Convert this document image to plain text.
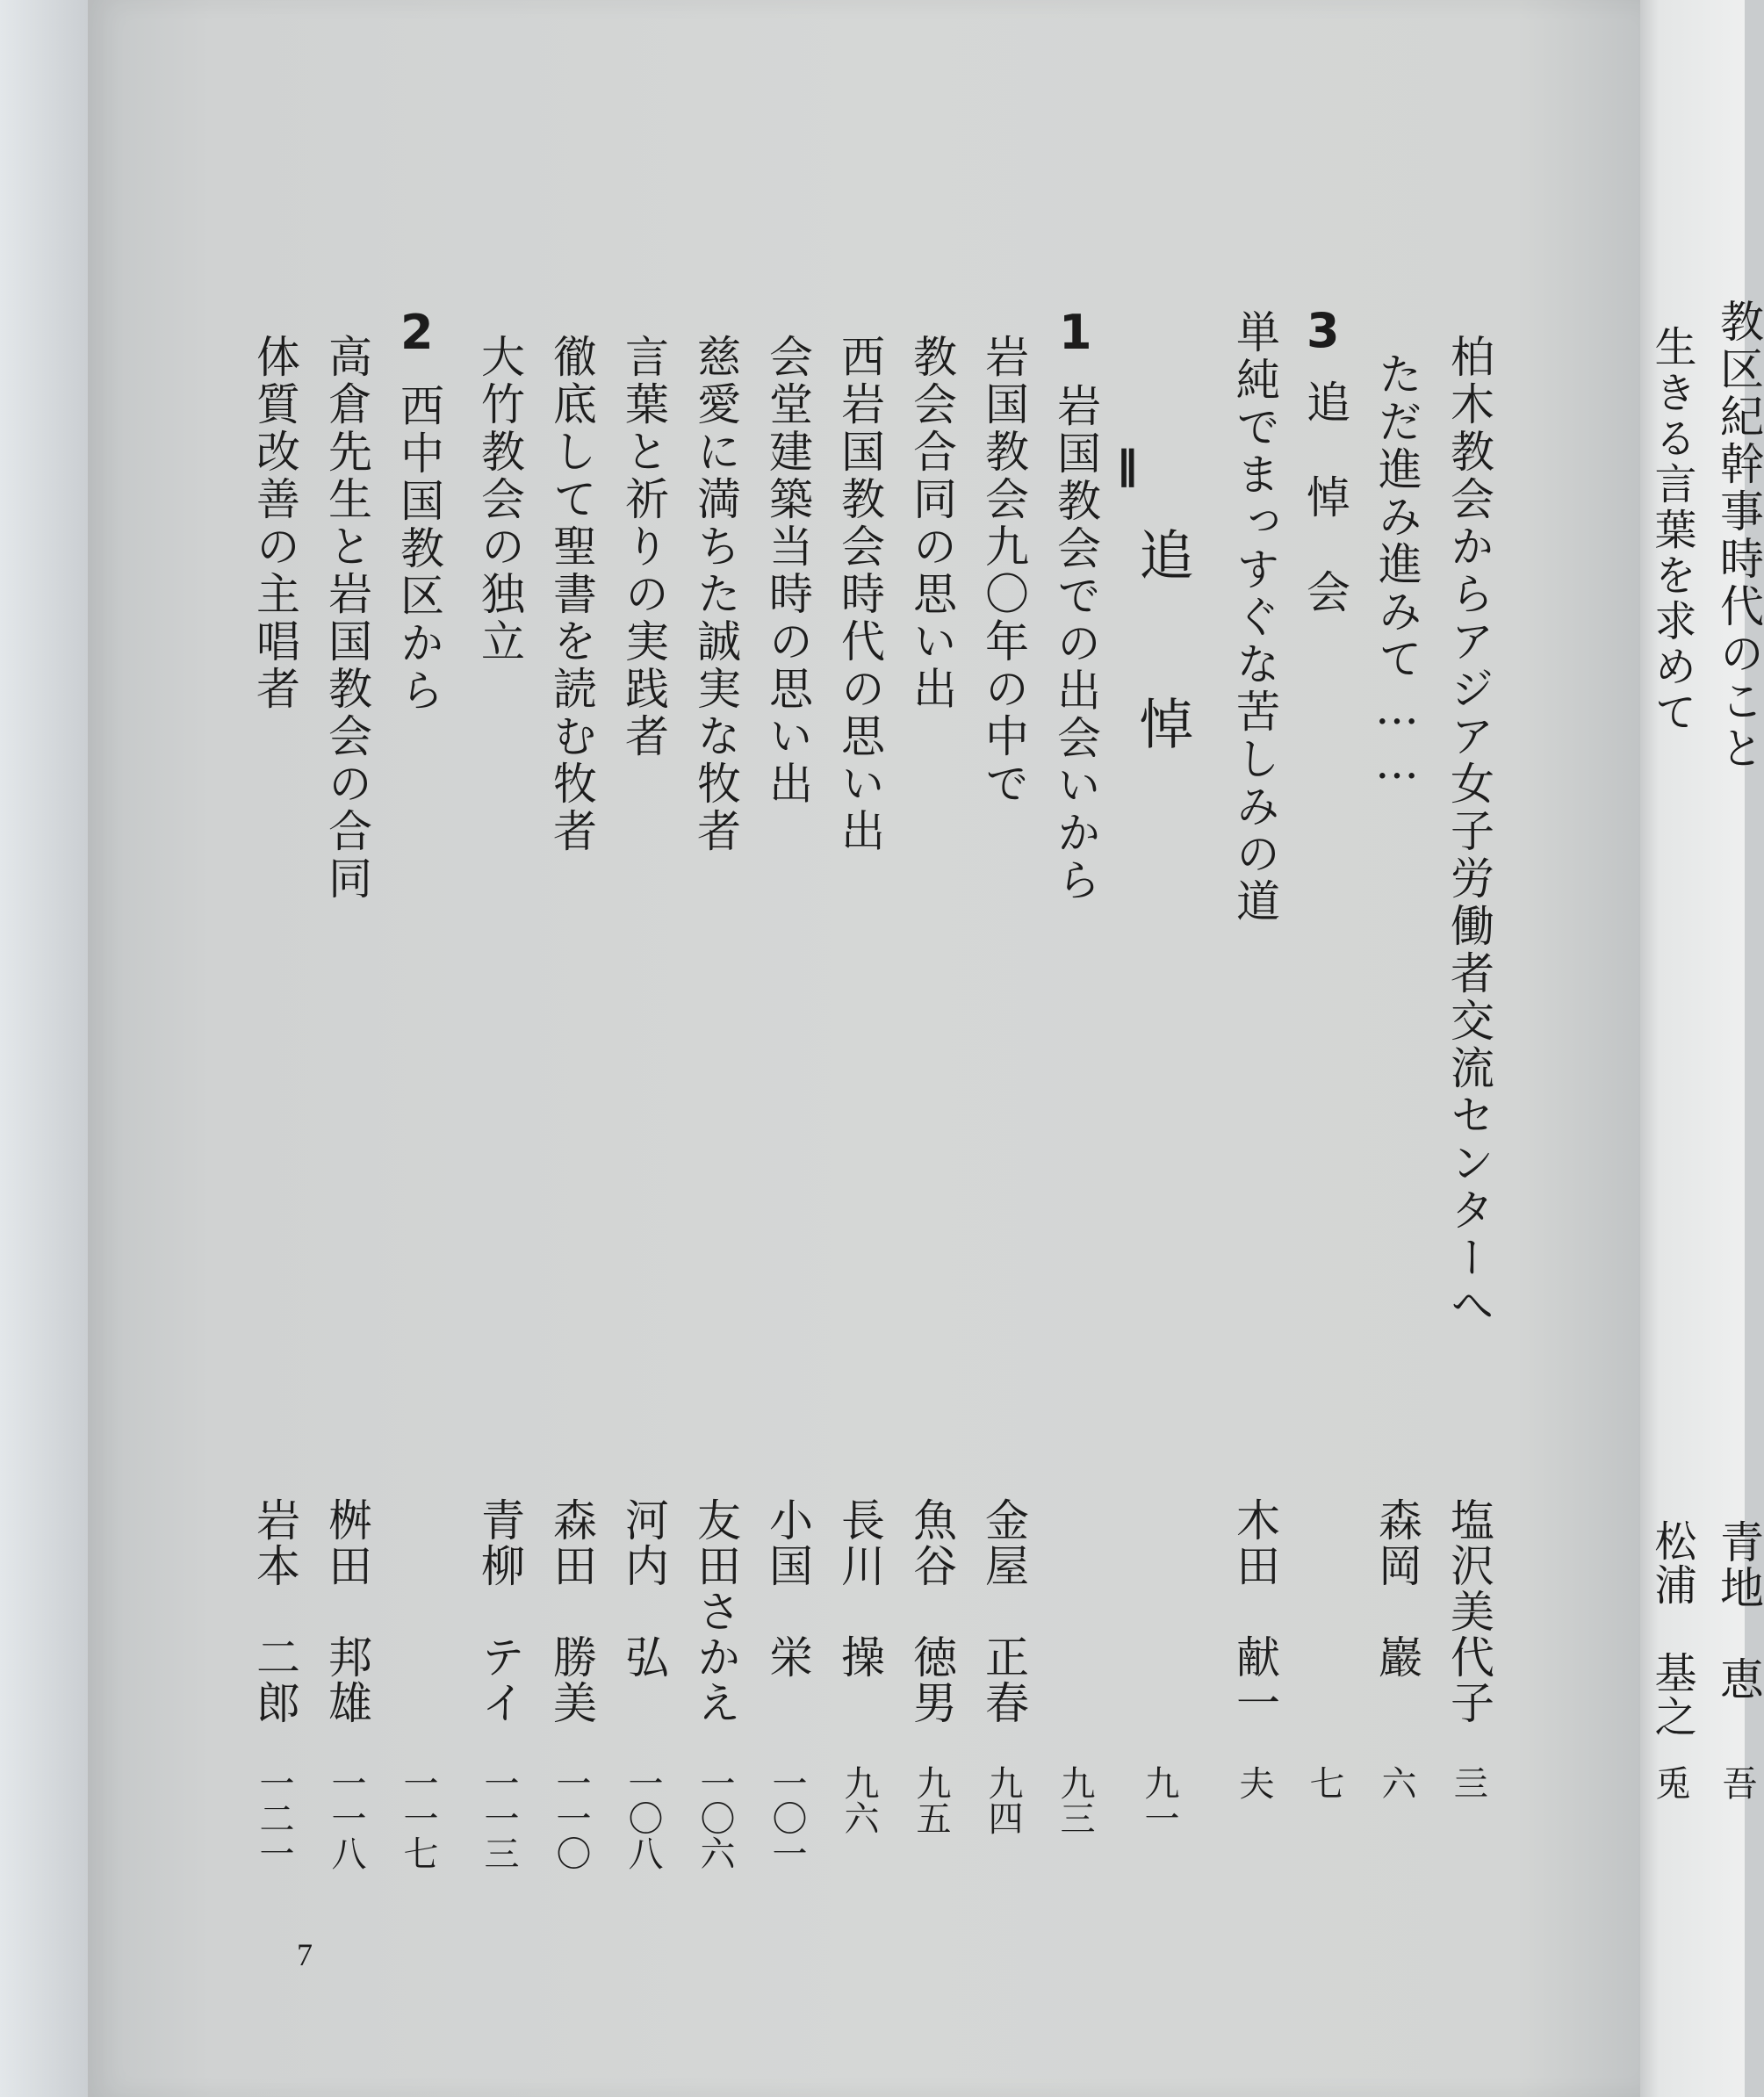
教区紀幹事時代のこと
青地　恵
吾
生きる言葉を求めて
松浦　基之
兎
柏木教会からアジア女子労働者交流センターへ
塩沢美代子
亖
ただ進み進みて……
森岡　巖
六
3
追　悼　会
七
単純でまっすぐな苦しみの道
木田　献一
夫
Ⅱ
追悼
九一
1
岩国教会での出会いから
九三
岩国教会九〇年の中で
金屋　正春
九四
教会合同の思い出
魚谷　徳男
九五
西岩国教会時代の思い出
長川　操
九六
会堂建築当時の思い出
小国　栄
一〇一
慈愛に満ちた誠実な牧者
友田さかえ
一〇六
言葉と祈りの実践者
河内　弘
一〇八
徹底して聖書を読む牧者
森田　勝美
一一〇
大竹教会の独立
青柳　テイ
一一三
2
西中国教区から
一一七
高倉先生と岩国教会の合同
桝田　邦雄
一一八
体質改善の主唱者
岩本　二郎
一二一
7
